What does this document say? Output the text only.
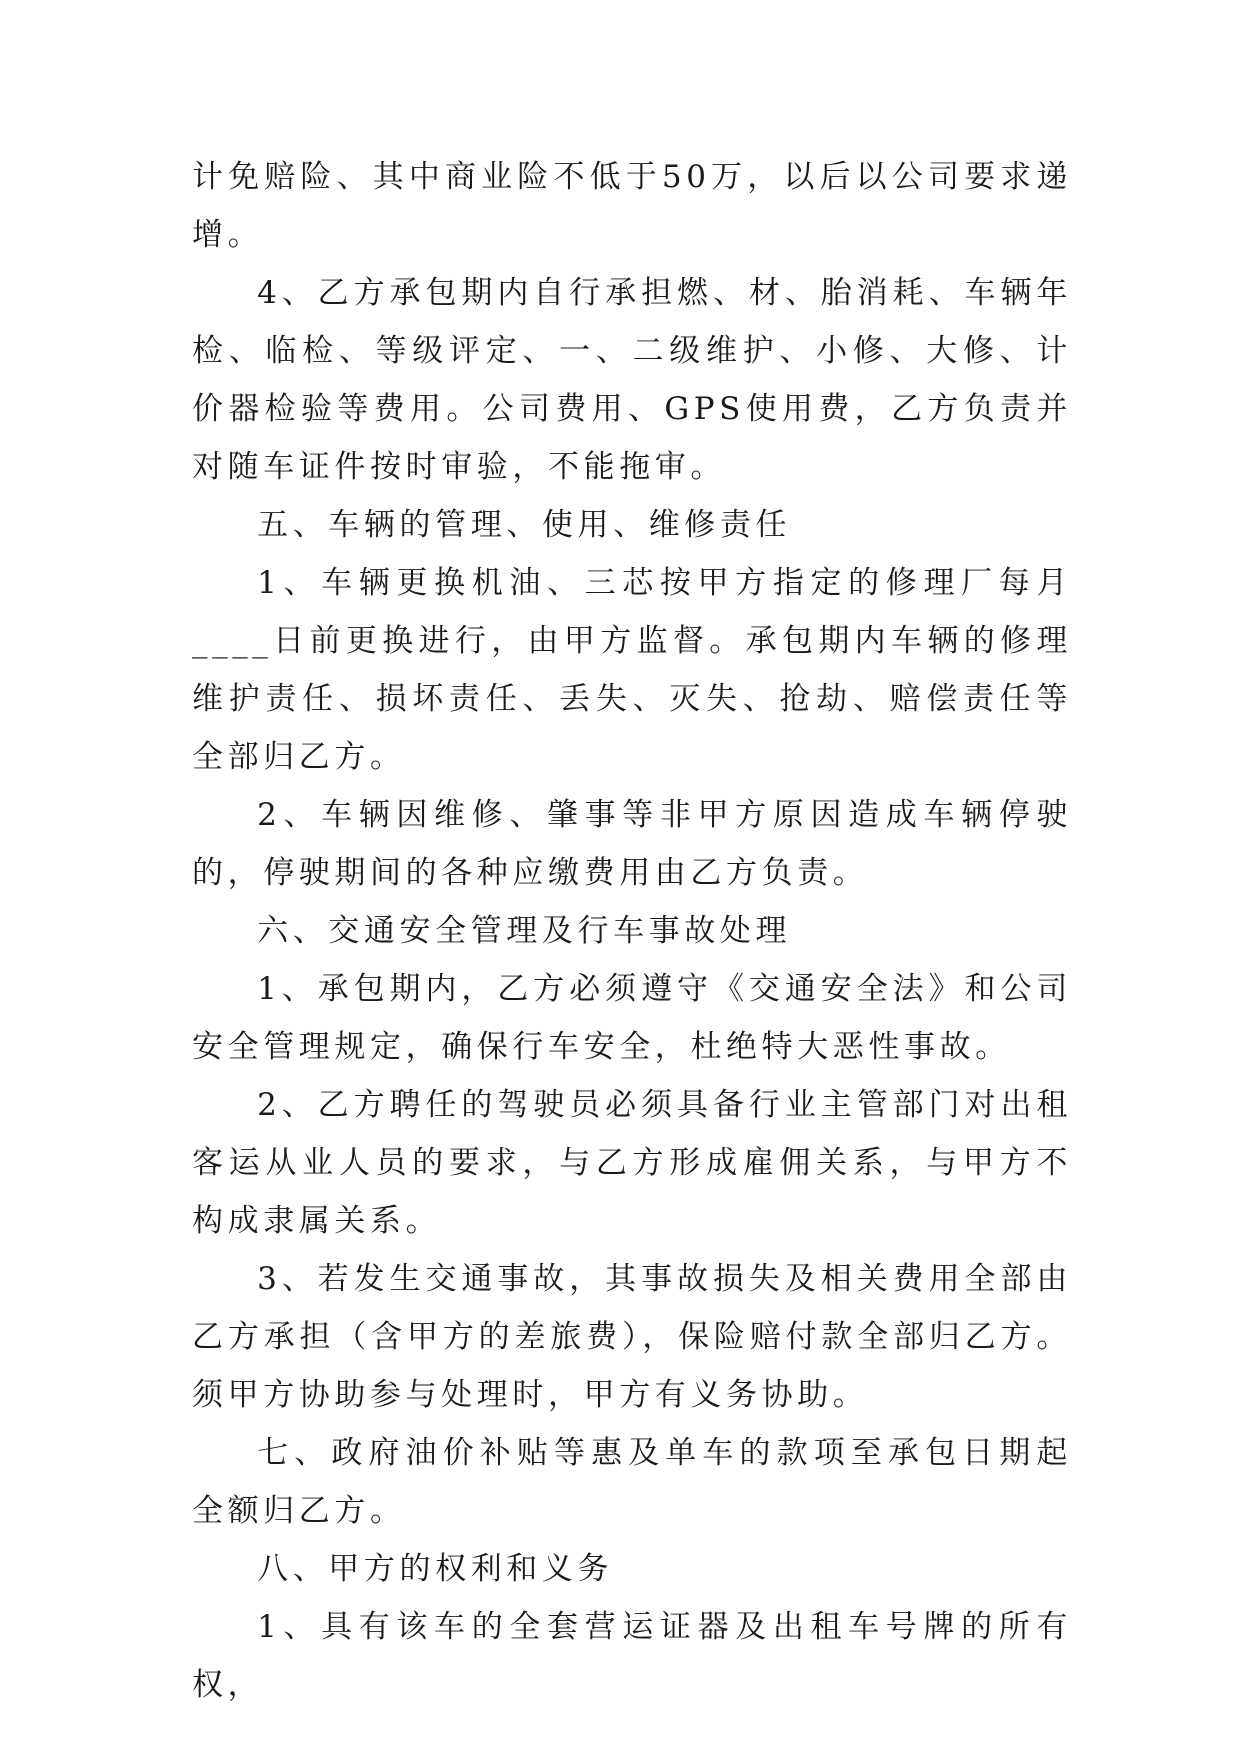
计免赔险、其中商业险不低于50万，以后以公司要求递增。

4、乙方承包期内自行承担燃、材、胎消耗、车辆年检、临检、等级评定、一、二级维护、小修、大修、计价器检验等费用。公司费用、GPS使用费，乙方负责并对随车证件按时审验，不能拖审。

五、车辆的管理、使用、维修责任

1、车辆更换机油、三芯按甲方指定的修理厂每月____日前更换进行，由甲方监督。承包期内车辆的修理维护责任、损坏责任、丢失、灭失、抢劫、赔偿责任等全部归乙方。

2、车辆因维修、肇事等非甲方原因造成车辆停驶的，停驶期间的各种应缴费用由乙方负责。

六、交通安全管理及行车事故处理

1、承包期内，乙方必须遵守《交通安全法》和公司安全管理规定，确保行车安全，杜绝特大恶性事故。

2、乙方聘任的驾驶员必须具备行业主管部门对出租客运从业人员的要求，与乙方形成雇佣关系，与甲方不构成隶属关系。

3、若发生交通事故，其事故损失及相关费用全部由乙方承担（含甲方的差旅费），保险赔付款全部归乙方。须甲方协助参与处理时，甲方有义务协助。

七、政府油价补贴等惠及单车的款项至承包日期起全额归乙方。

八、甲方的权利和义务

1、具有该车的全套营运证器及出租车号牌的所有权，
